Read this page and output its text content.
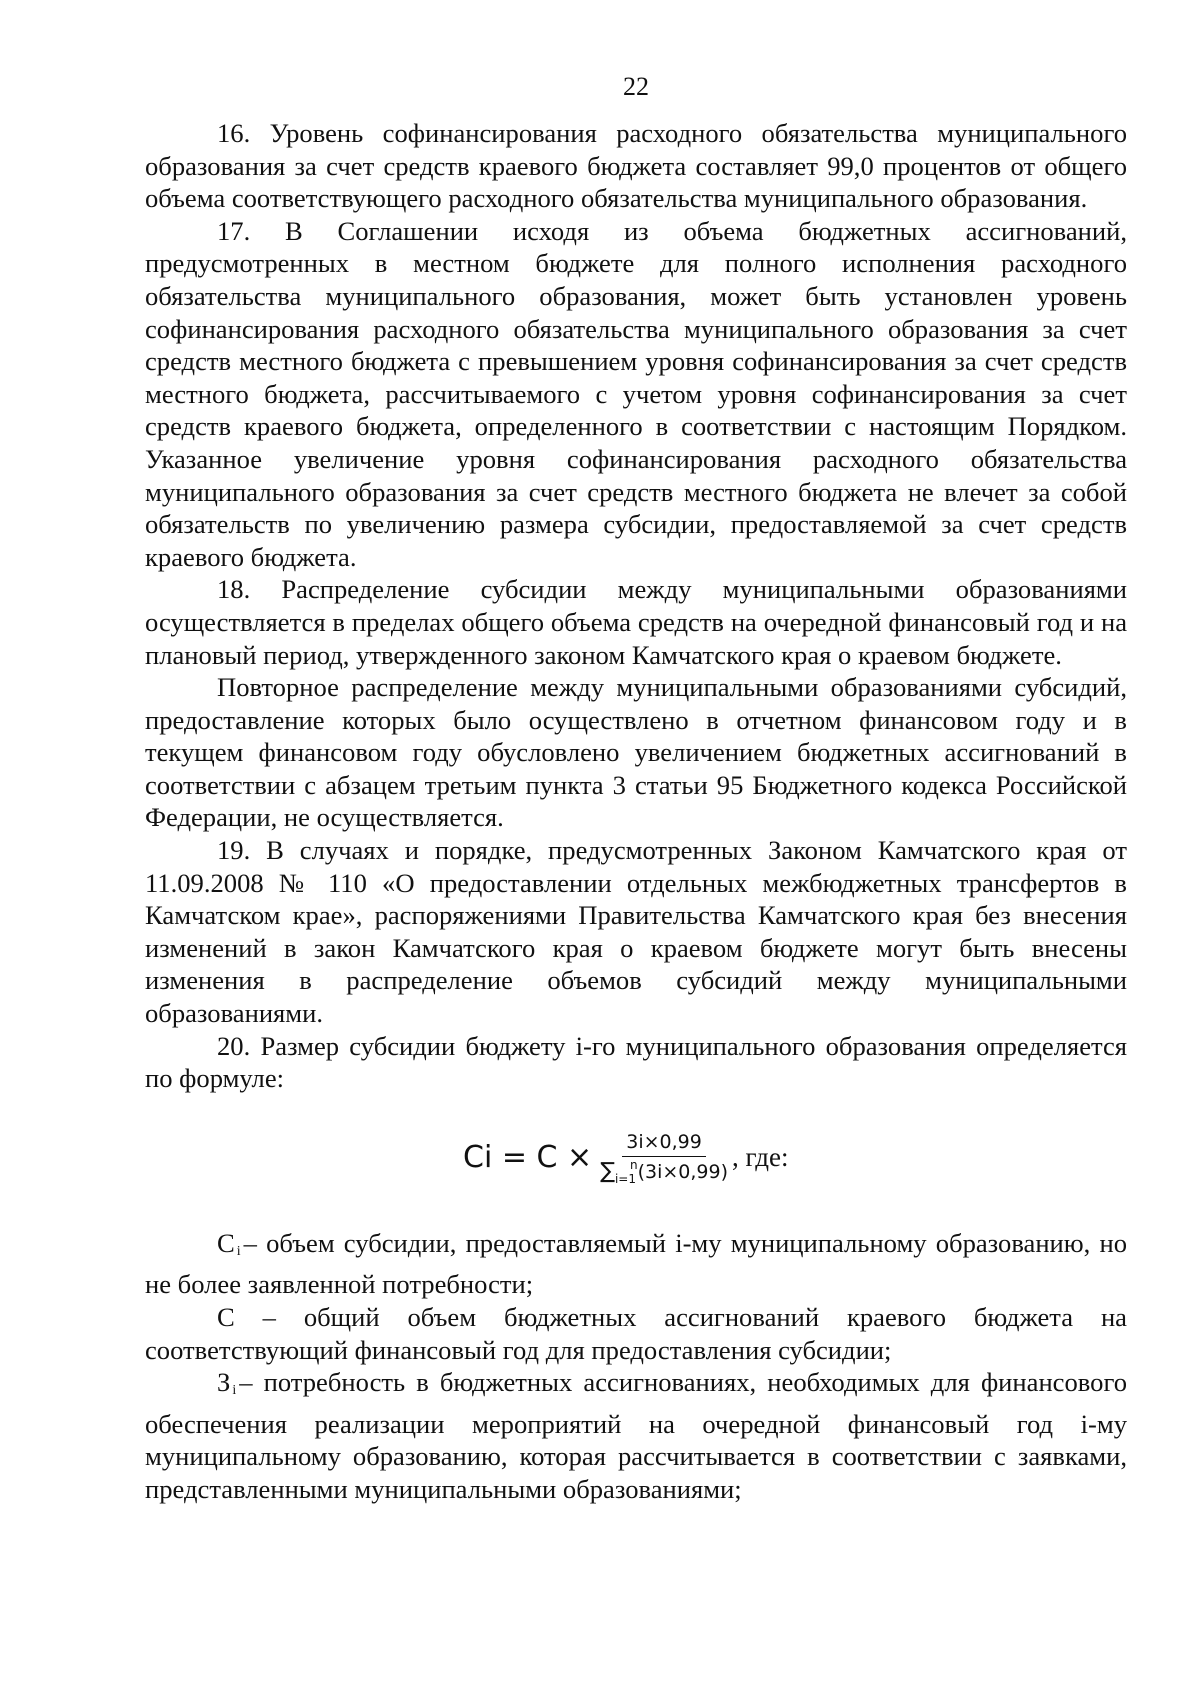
22

16. Уровень софинансирования расходного обязательства муниципального образования за счет средств краевого бюджета составляет 99,0 процентов от общего объема соответствующего расходного обязательства муниципального образования.

17. В Соглашении исходя из объема бюджетных ассигнований, предусмотренных в местном бюджете для полного исполнения расходного обязательства муниципального образования, может быть установлен уровень софинансирования расходного обязательства муниципального образования за счет средств местного бюджета с превышением уровня софинансирования за счет средств местного бюджета, рассчитываемого с учетом уровня софинансирования за счет средств краевого бюджета, определенного в соответствии с настоящим Порядком. Указанное увеличение уровня софинансирования расходного обязательства муниципального образования за счет средств местного бюджета не влечет за собой обязательств по увеличению размера субсидии, предоставляемой за счет средств краевого бюджета.

18. Распределение субсидии между муниципальными образованиями осуществляется в пределах общего объема средств на очередной финансовый год и на плановый период, утвержденного законом Камчатского края о краевом бюджете.

Повторное распределение между муниципальными образованиями субсидий, предоставление которых было осуществлено в отчетном финансовом году и в текущем финансовом году обусловлено увеличением бюджетных ассигнований в соответствии с абзацем третьим пункта 3 статьи 95 Бюджетного кодекса Российской Федерации, не осуществляется.

19. В случаях и порядке, предусмотренных Законом Камчатского края от 11.09.2008 № 110 «О предоставлении отдельных межбюджетных трансфертов в Камчатском крае», распоряжениями Правительства Камчатского края без внесения изменений в закон Камчатского края о краевом бюджете могут быть внесены изменения в распределение объемов субсидий между муниципальными образованиями.

20. Размер субсидии бюджету i-го муниципального образования определяется по формуле:

$Ci = C \times \frac{3i\times 0,99}{\sum_{i=1}^n(3i\times 0,99)}$ , где:

Сi – объем субсидии, предоставляемый i-му муниципальному образованию, но не более заявленной потребности;

С – общий объем бюджетных ассигнований краевого бюджета на соответствующий финансовый год для предоставления субсидии;

Зi – потребность в бюджетных ассигнованиях, необходимых для финансового обеспечения реализации мероприятий на очередной финансовый год i-му муниципальному образованию, которая рассчитывается в соответствии с заявками, представленными муниципальными образованиями;
